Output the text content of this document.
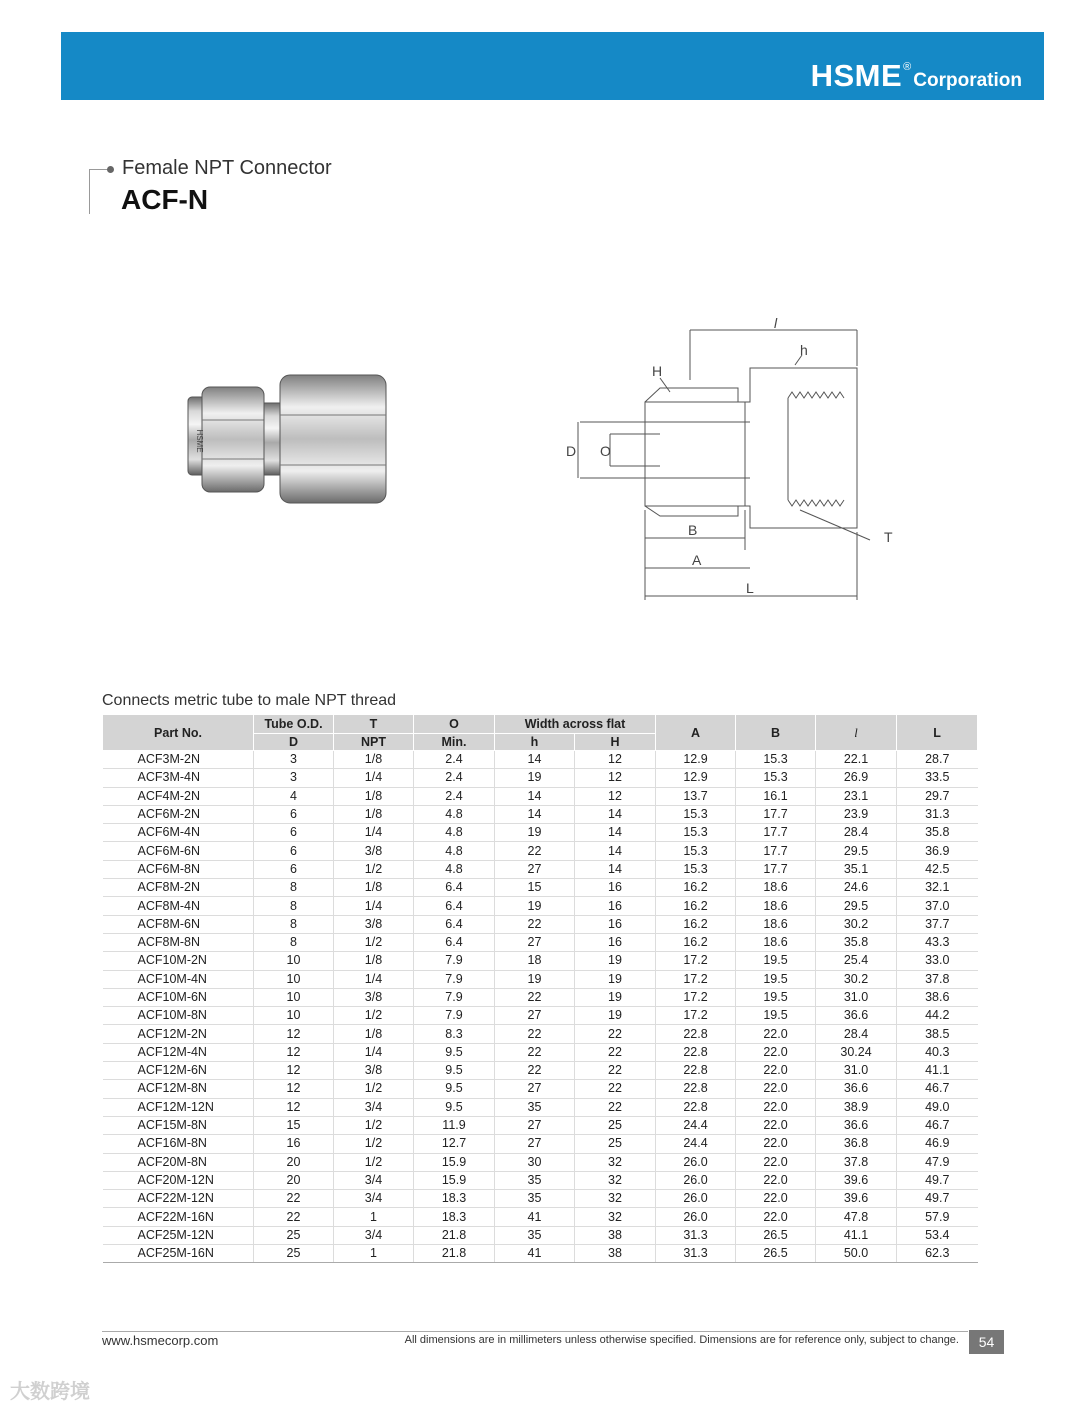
HSME®Corporation
Female NPT Connector
ACF-N
HSME
l
h
H
D O
B
A
L
T
Connects metric tube to male NPT thread
Part No.	Tube O.D.	T	O	Width across flat		A	B	l	L
	D	NPT	Min.	h	H				
ACF3M-2N	3	1/8	2.4	14	12	12.9	15.3	22.1	28.7
ACF3M-4N	3	1/4	2.4	19	12	12.9	15.3	26.9	33.5
ACF4M-2N	4	1/8	2.4	14	12	13.7	16.1	23.1	29.7
ACF6M-2N	6	1/8	4.8	14	14	15.3	17.7	23.9	31.3
ACF6M-4N	6	1/4	4.8	19	14	15.3	17.7	28.4	35.8
ACF6M-6N	6	3/8	4.8	22	14	15.3	17.7	29.5	36.9
ACF6M-8N	6	1/2	4.8	27	14	15.3	17.7	35.1	42.5
ACF8M-2N	8	1/8	6.4	15	16	16.2	18.6	24.6	32.1
ACF8M-4N	8	1/4	6.4	19	16	16.2	18.6	29.5	37.0
ACF8M-6N	8	3/8	6.4	22	16	16.2	18.6	30.2	37.7
ACF8M-8N	8	1/2	6.4	27	16	16.2	18.6	35.8	43.3
ACF10M-2N	10	1/8	7.9	18	19	17.2	19.5	25.4	33.0
ACF10M-4N	10	1/4	7.9	19	19	17.2	19.5	30.2	37.8
ACF10M-6N	10	3/8	7.9	22	19	17.2	19.5	31.0	38.6
ACF10M-8N	10	1/2	7.9	27	19	17.2	19.5	36.6	44.2
ACF12M-2N	12	1/8	8.3	22	22	22.8	22.0	28.4	38.5
ACF12M-4N	12	1/4	9.5	22	22	22.8	22.0	30.24	40.3
ACF12M-6N	12	3/8	9.5	22	22	22.8	22.0	31.0	41.1
ACF12M-8N	12	1/2	9.5	27	22	22.8	22.0	36.6	46.7
ACF12M-12N	12	3/4	9.5	35	22	22.8	22.0	38.9	49.0
ACF15M-8N	15	1/2	11.9	27	25	24.4	22.0	36.6	46.7
ACF16M-8N	16	1/2	12.7	27	25	24.4	22.0	36.8	46.9
ACF20M-8N	20	1/2	15.9	30	32	26.0	22.0	37.8	47.9
ACF20M-12N	20	3/4	15.9	35	32	26.0	22.0	39.6	49.7
ACF22M-12N	22	3/4	18.3	35	32	26.0	22.0	39.6	49.7
ACF22M-16N	22	1	18.3	41	32	26.0	22.0	47.8	57.9
ACF25M-12N	25	3/4	21.8	35	38	31.3	26.5	41.1	53.4
ACF25M-16N	25	1	21.8	41	38	31.3	26.5	50.0	62.3
www.hsmecorp.com	All dimensions are in millimeters unless otherwise specified. Dimensions are for reference only, subject to change.	54
大数跨境
